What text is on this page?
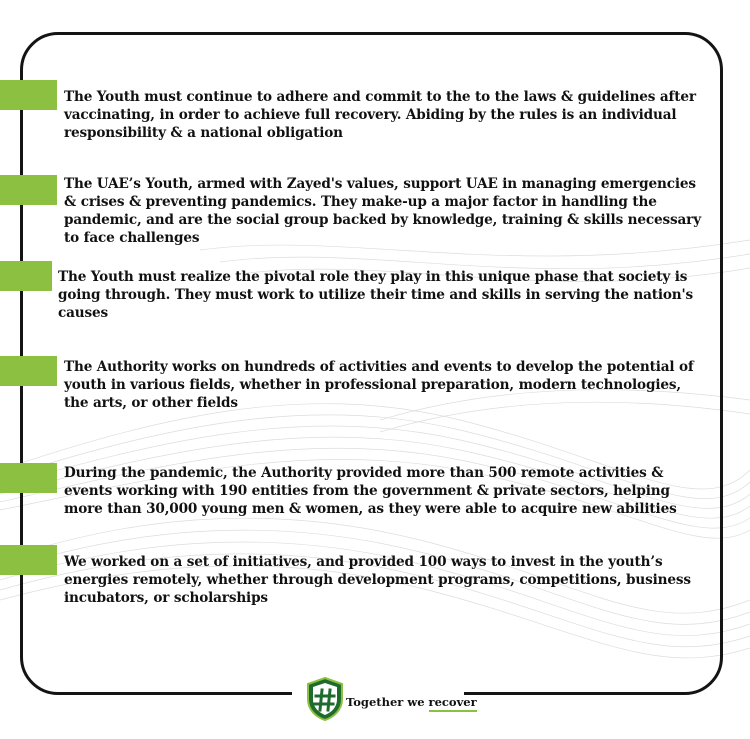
The Youth must continue to adhere and commit to the to the laws & guidelines after vaccinating, in order to achieve full recovery. Abiding by the rules is an individual responsibility & a national obligation
The UAE’s Youth, armed with Zayed's values, support UAE in managing emergencies & crises & preventing pandemics. They make-up a major factor in handling the pandemic, and are the social group backed by knowledge, training & skills necessary to face challenges
The Youth must realize the pivotal role they play in this unique phase that society is going through. They must work to utilize their time and skills in serving the nation's causes
The Authority works on hundreds of activities and events to develop the potential of youth in various fields, whether in professional preparation, modern technologies, the arts, or other fields
During the pandemic, the Authority provided more than 500 remote activities & events working with 190 entities from the government & private sectors, helping more than 30,000 young men & women, as they were able to acquire new abilities
We worked on a set of initiatives, and provided 100 ways to invest in the youth’s energies remotely, whether through development programs, competitions, business incubators, or scholarships
Together we recover
